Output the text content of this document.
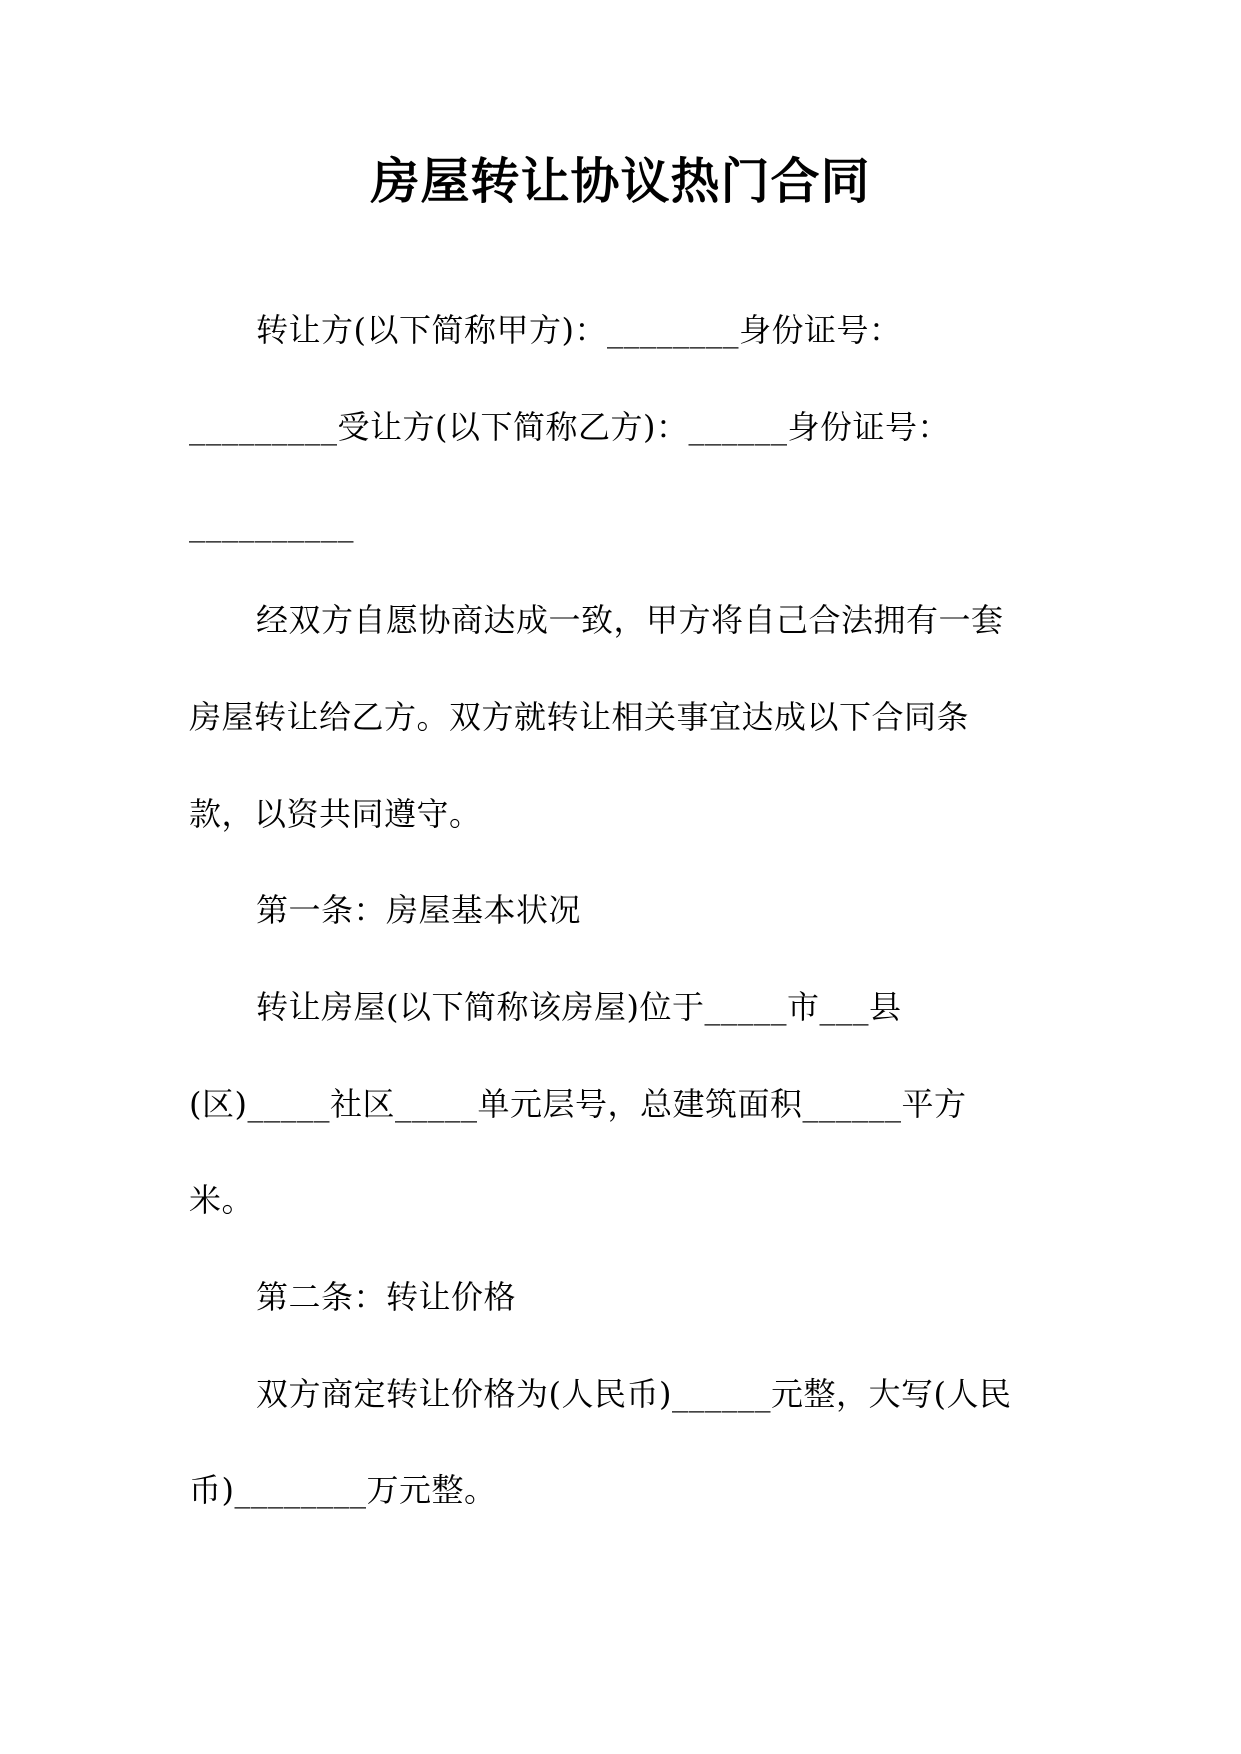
房屋转让协议热门合同
转让方(以下简称甲方)：________身份证号：
_________受让方(以下简称乙方)：______身份证号：
__________
经双方自愿协商达成一致，甲方将自己合法拥有一套
房屋转让给乙方。双方就转让相关事宜达成以下合同条
款，以资共同遵守。
第一条：房屋基本状况
转让房屋(以下简称该房屋)位于_____市___县
(区)_____社区_____单元层号，总建筑面积______平方
米。
第二条：转让价格
双方商定转让价格为(人民币)______元整，大写(人民
币)________万元整。
